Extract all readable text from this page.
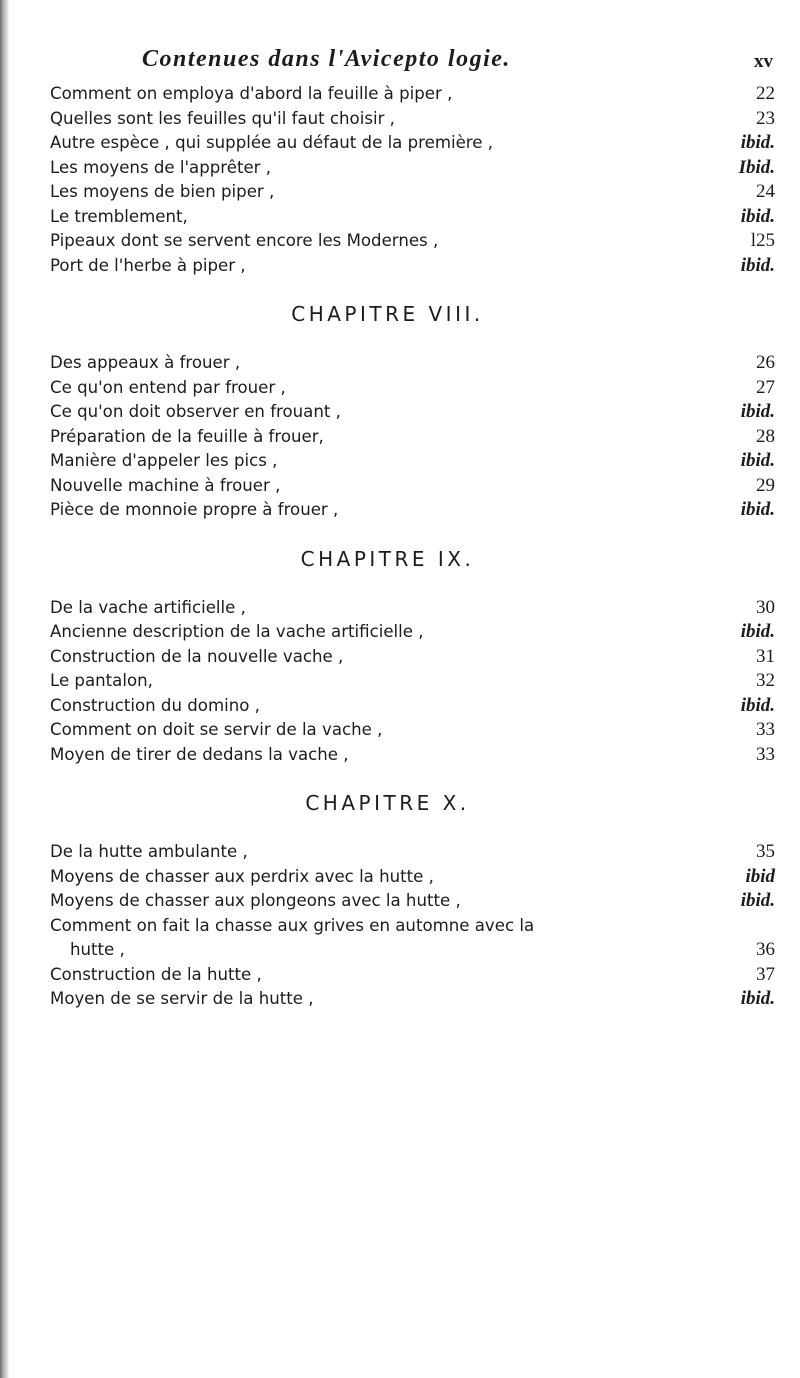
Contenues dans l'Avicepto logie.	xv
Comment on employa d'abord la feuille à piper ,	22
Quelles sont les feuilles qu'il faut choisir ,	23
Autre espèce , qui supplée au défaut de la première ,	ibid.
Les moyens de l'apprêter ,	Ibid.
Les moyens de bien piper ,	24
Le tremblement,	ibid.
Pipeaux dont se servent encore les Modernes ,	l25
Port de l'herbe à piper ,	ibid.
CHAPITRE VIII.
Des appeaux à frouer ,	26
Ce qu'on entend par frouer ,	27
Ce qu'on doit observer en frouant ,	ibid.
Préparation de la feuille à frouer,	28
Manière d'appeler les pics ,	ibid.
Nouvelle machine à frouer ,	29
Pièce de monnoie propre à frouer ,	ibid.
CHAPITRE IX.
De la vache artificielle ,	30
Ancienne description de la vache artificielle ,	ibid.
Construction de la nouvelle vache ,	31
Le pantalon,	32
Construction du domino ,	ibid.
Comment on doit se servir de la vache ,	33
Moyen de tirer de dedans la vache ,	33
CHAPITRE X.
De la hutte ambulante ,	35
Moyens de chasser aux perdrix avec la hutte ,	ibid
Moyens de chasser aux plongeons avec la hutte ,	ibid.
Comment on fait la chasse aux grives en automne avec la
hutte ,	36
Construction de la hutte ,	37
Moyen de se servir de la hutte ,	ibid.
